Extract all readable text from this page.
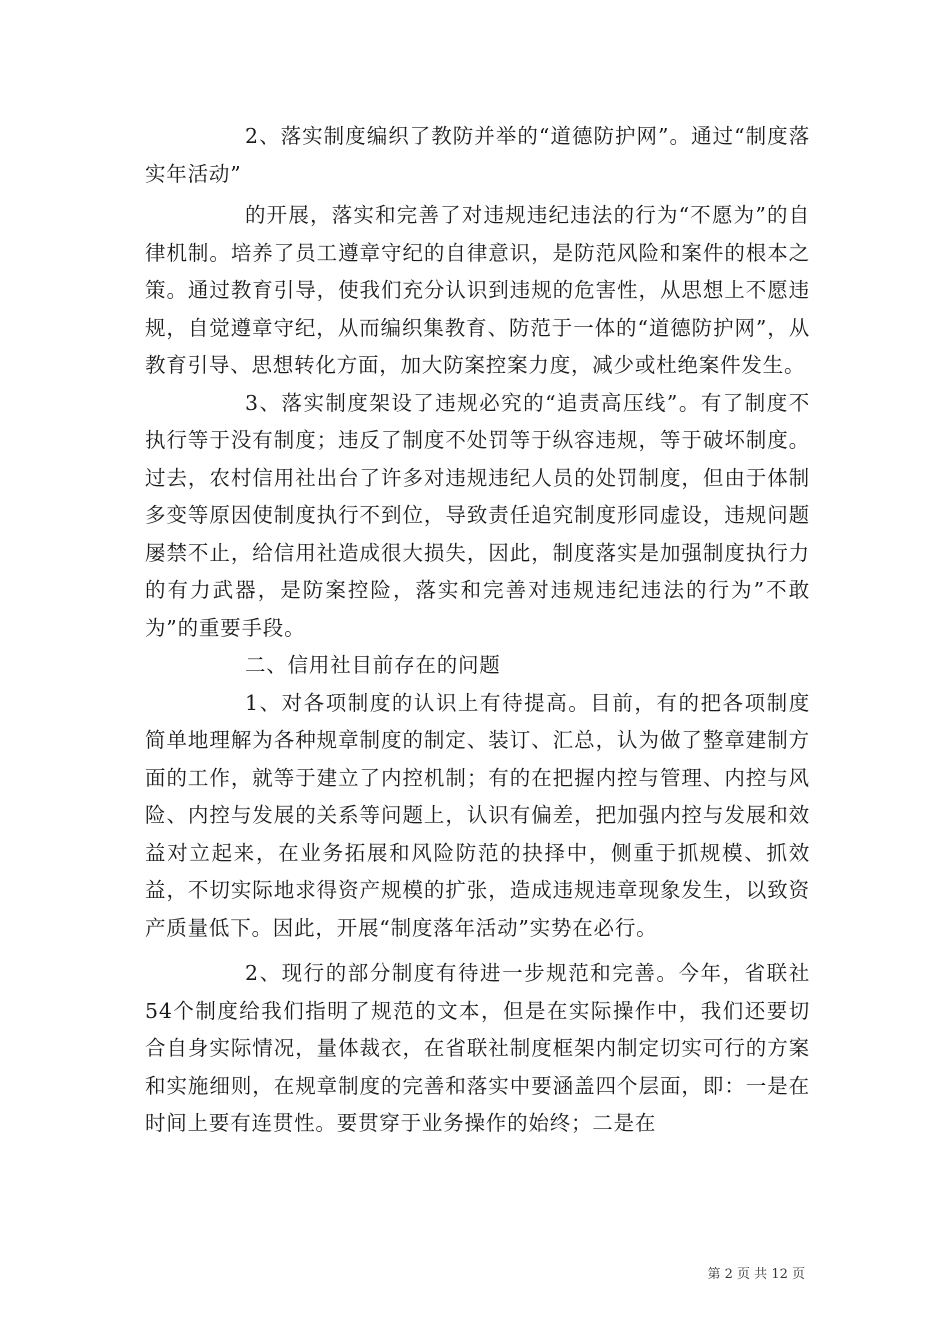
2、落实制度编织了教防并举的“道德防护网”。通过“制度落实年活动”

的开展，落实和完善了对违规违纪违法的行为“不愿为”的自律机制。培养了员工遵章守纪的自律意识，是防范风险和案件的根本之策。通过教育引导，使我们充分认识到违规的危害性，从思想上不愿违规，自觉遵章守纪，从而编织集教育、防范于一体的“道德防护网”，从教育引导、思想转化方面，加大防案控案力度，减少或杜绝案件发生。

3、落实制度架设了违规必究的“追责高压线”。有了制度不执行等于没有制度；违反了制度不处罚等于纵容违规，等于破坏制度。过去，农村信用社出台了许多对违规违纪人员的处罚制度，但由于体制多变等原因使制度执行不到位，导致责任追究制度形同虚设，违规问题屡禁不止，给信用社造成很大损失，因此，制度落实是加强制度执行力的有力武器，是防案控险，落实和完善对违规违纪违法的行为”不敢为”的重要手段。

二、信用社目前存在的问题

1、对各项制度的认识上有待提高。目前，有的把各项制度简单地理解为各种规章制度的制定、装订、汇总，认为做了整章建制方面的工作，就等于建立了内控机制；有的在把握内控与管理、内控与风险、内控与发展的关系等问题上，认识有偏差，把加强内控与发展和效益对立起来，在业务拓展和风险防范的抉择中，侧重于抓规模、抓效益，不切实际地求得资产规模的扩张，造成违规违章现象发生，以致资产质量低下。因此，开展“制度落年活动”实势在必行。

2、现行的部分制度有待进一步规范和完善。今年，省联社54个制度给我们指明了规范的文本，但是在实际操作中，我们还要切合自身实际情况，量体裁衣，在省联社制度框架内制定切实可行的方案和实施细则，在规章制度的完善和落实中要涵盖四个层面，即：一是在时间上要有连贯性。要贯穿于业务操作的始终；二是在

第 2 页 共 12 页
